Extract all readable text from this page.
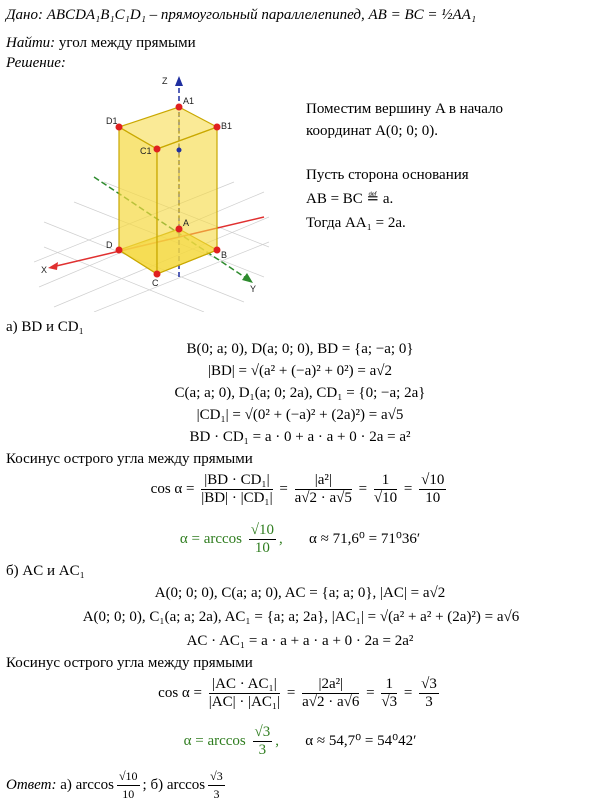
Дано: ABCDA₁B₁C₁D₁ – прямоугольный параллелепипед, AB = BC = ½AA₁
Найти: угол между прямыми
Решение:
Z
X
Y
A1
B1
C1
D1
A
B
C
D
Поместим вершину A в начало
координат A(0; 0; 0).
Пусть сторона основания
AB = BC ≝ a.
Тогда AA₁ = 2a.
а) BD и CD₁
B(0; a; 0), D(a; 0; 0), BD = {a; −a; 0}
|BD| = √(a² + (−a)² + 0²) = a√2
C(a; a; 0), D₁(a; 0; 2a), CD₁ = {0; −a; 2a}
|CD₁| = √(0² + (−a)² + (2a)²) = a√5
BD · CD₁ = a · 0 + a · a + 0 · 2a = a²
Косинус острого угла между прямыми
$\cos \alpha = \frac{\text{|BD · CD₁|}}{\text{|BD| · |CD₁|}} = \frac{\text{|a²|}}{a√2 \cdot a√5} = \frac{1}{√10} = \frac{√10}{10}$
$\alpha = \arccos \frac{√10}{10}$ ,       α ≈ 71,6⁰ = 71⁰36′
б) AC и AC₁
A(0; 0; 0), C(a; a; 0), AC = {a; a; 0}, |AC| = a√2
A(0; 0; 0), C₁(a; a; 2a), AC₁ = {a; a; 2a}, |AC₁| = √(a² + a² + (2a)²) = a√6
AC · AC₁ = a · a + a · a + 0 · 2a = 2a²
Косинус острого угла между прямыми
$\cos \alpha = \frac{\text{|AC · AC₁|}}{\text{|AC| · |AC₁|}} = \frac{\text{|2a²|}}{a√2 \cdot a√6} = \frac{1}{√3} = \frac{√3}{3}$
$\alpha = \arccos \frac{√3}{3}$ ,       α ≈ 54,7⁰ = 54⁰42′
Ответ: а) $\arccos \frac{√10}{10}$ ; б) $\arccos \frac{√3}{3}$
